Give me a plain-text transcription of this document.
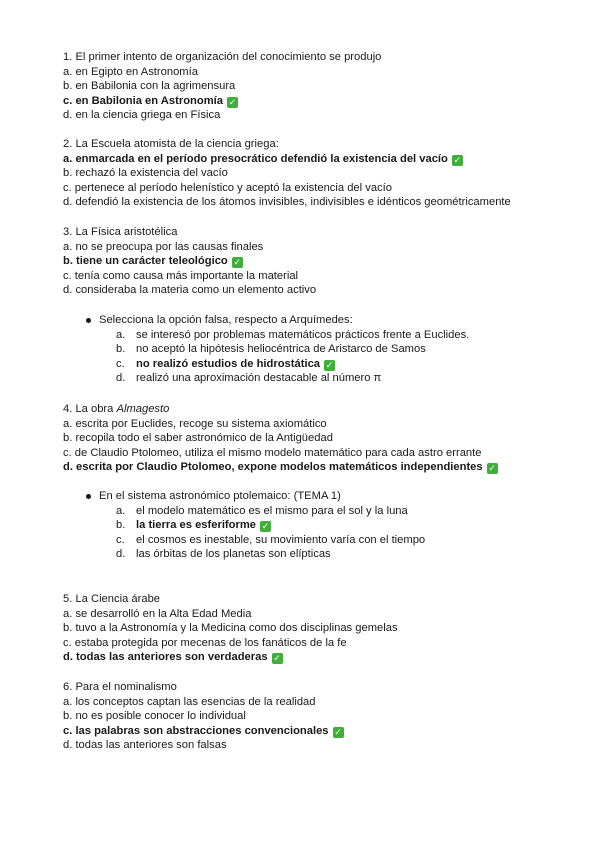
1. El primer intento de organización del conocimiento se produjo
a. en Egipto en Astronomía
b. en Babilonia con la agrimensura
c. en Babilonia en Astronomía ✓
d. en la ciencia griega en Física
2. La Escuela atomista de la ciencia griega:
a. enmarcada en el período presocrático defendió la existencia del vacío ✓
b. rechazó la existencia del vacío
c. pertenece al período helenístico y aceptó la existencia del vacío
d. defendió la existencia de los átomos invisibles, indivisibles e idénticos geométricamente
3. La Física aristotélica
a. no se preocupa por las causas finales
b. tiene un carácter teleológico ✓
c. tenía como causa más importante la material
d. consideraba la materia como un elemento activo
Selecciona la opción falsa, respecto a Arquímedes:
a. se interesó por problemas matemáticos prácticos frente a Euclides.
b. no aceptó la hipótesis heliocéntrica de Aristarco de Samos
c. no realizó estudios de hidrostática ✓
d. realizó una aproximación destacable al número π
4. La obra Almagesto
a. escrita por Euclides, recoge su sistema axiomático
b. recopila todo el saber astronómico de la Antigüedad
c. de Claudio Ptolomeo, utiliza el mismo modelo matemático para cada astro errante
d. escrita por Claudio Ptolomeo, expone modelos matemáticos independientes ✓
En el sistema astronómico ptolemaico: (TEMA 1)
a. el modelo matemático es el mismo para el sol y la luna
b. la tierra es esferiforme ✓
c. el cosmos es inestable, su movimiento varía con el tiempo
d. las órbitas de los planetas son elípticas
5. La Ciencia árabe
a. se desarrolló en la Alta Edad Media
b. tuvo a la Astronomía y la Medicina como dos disciplinas gemelas
c. estaba protegida por mecenas de los fanáticos de la fe
d. todas las anteriores son verdaderas ✓
6. Para el nominalismo
a. los conceptos captan las esencias de la realidad
b. no es posible conocer lo individual
c. las palabras son abstracciones convencionales ✓
d. todas las anteriores son falsas
